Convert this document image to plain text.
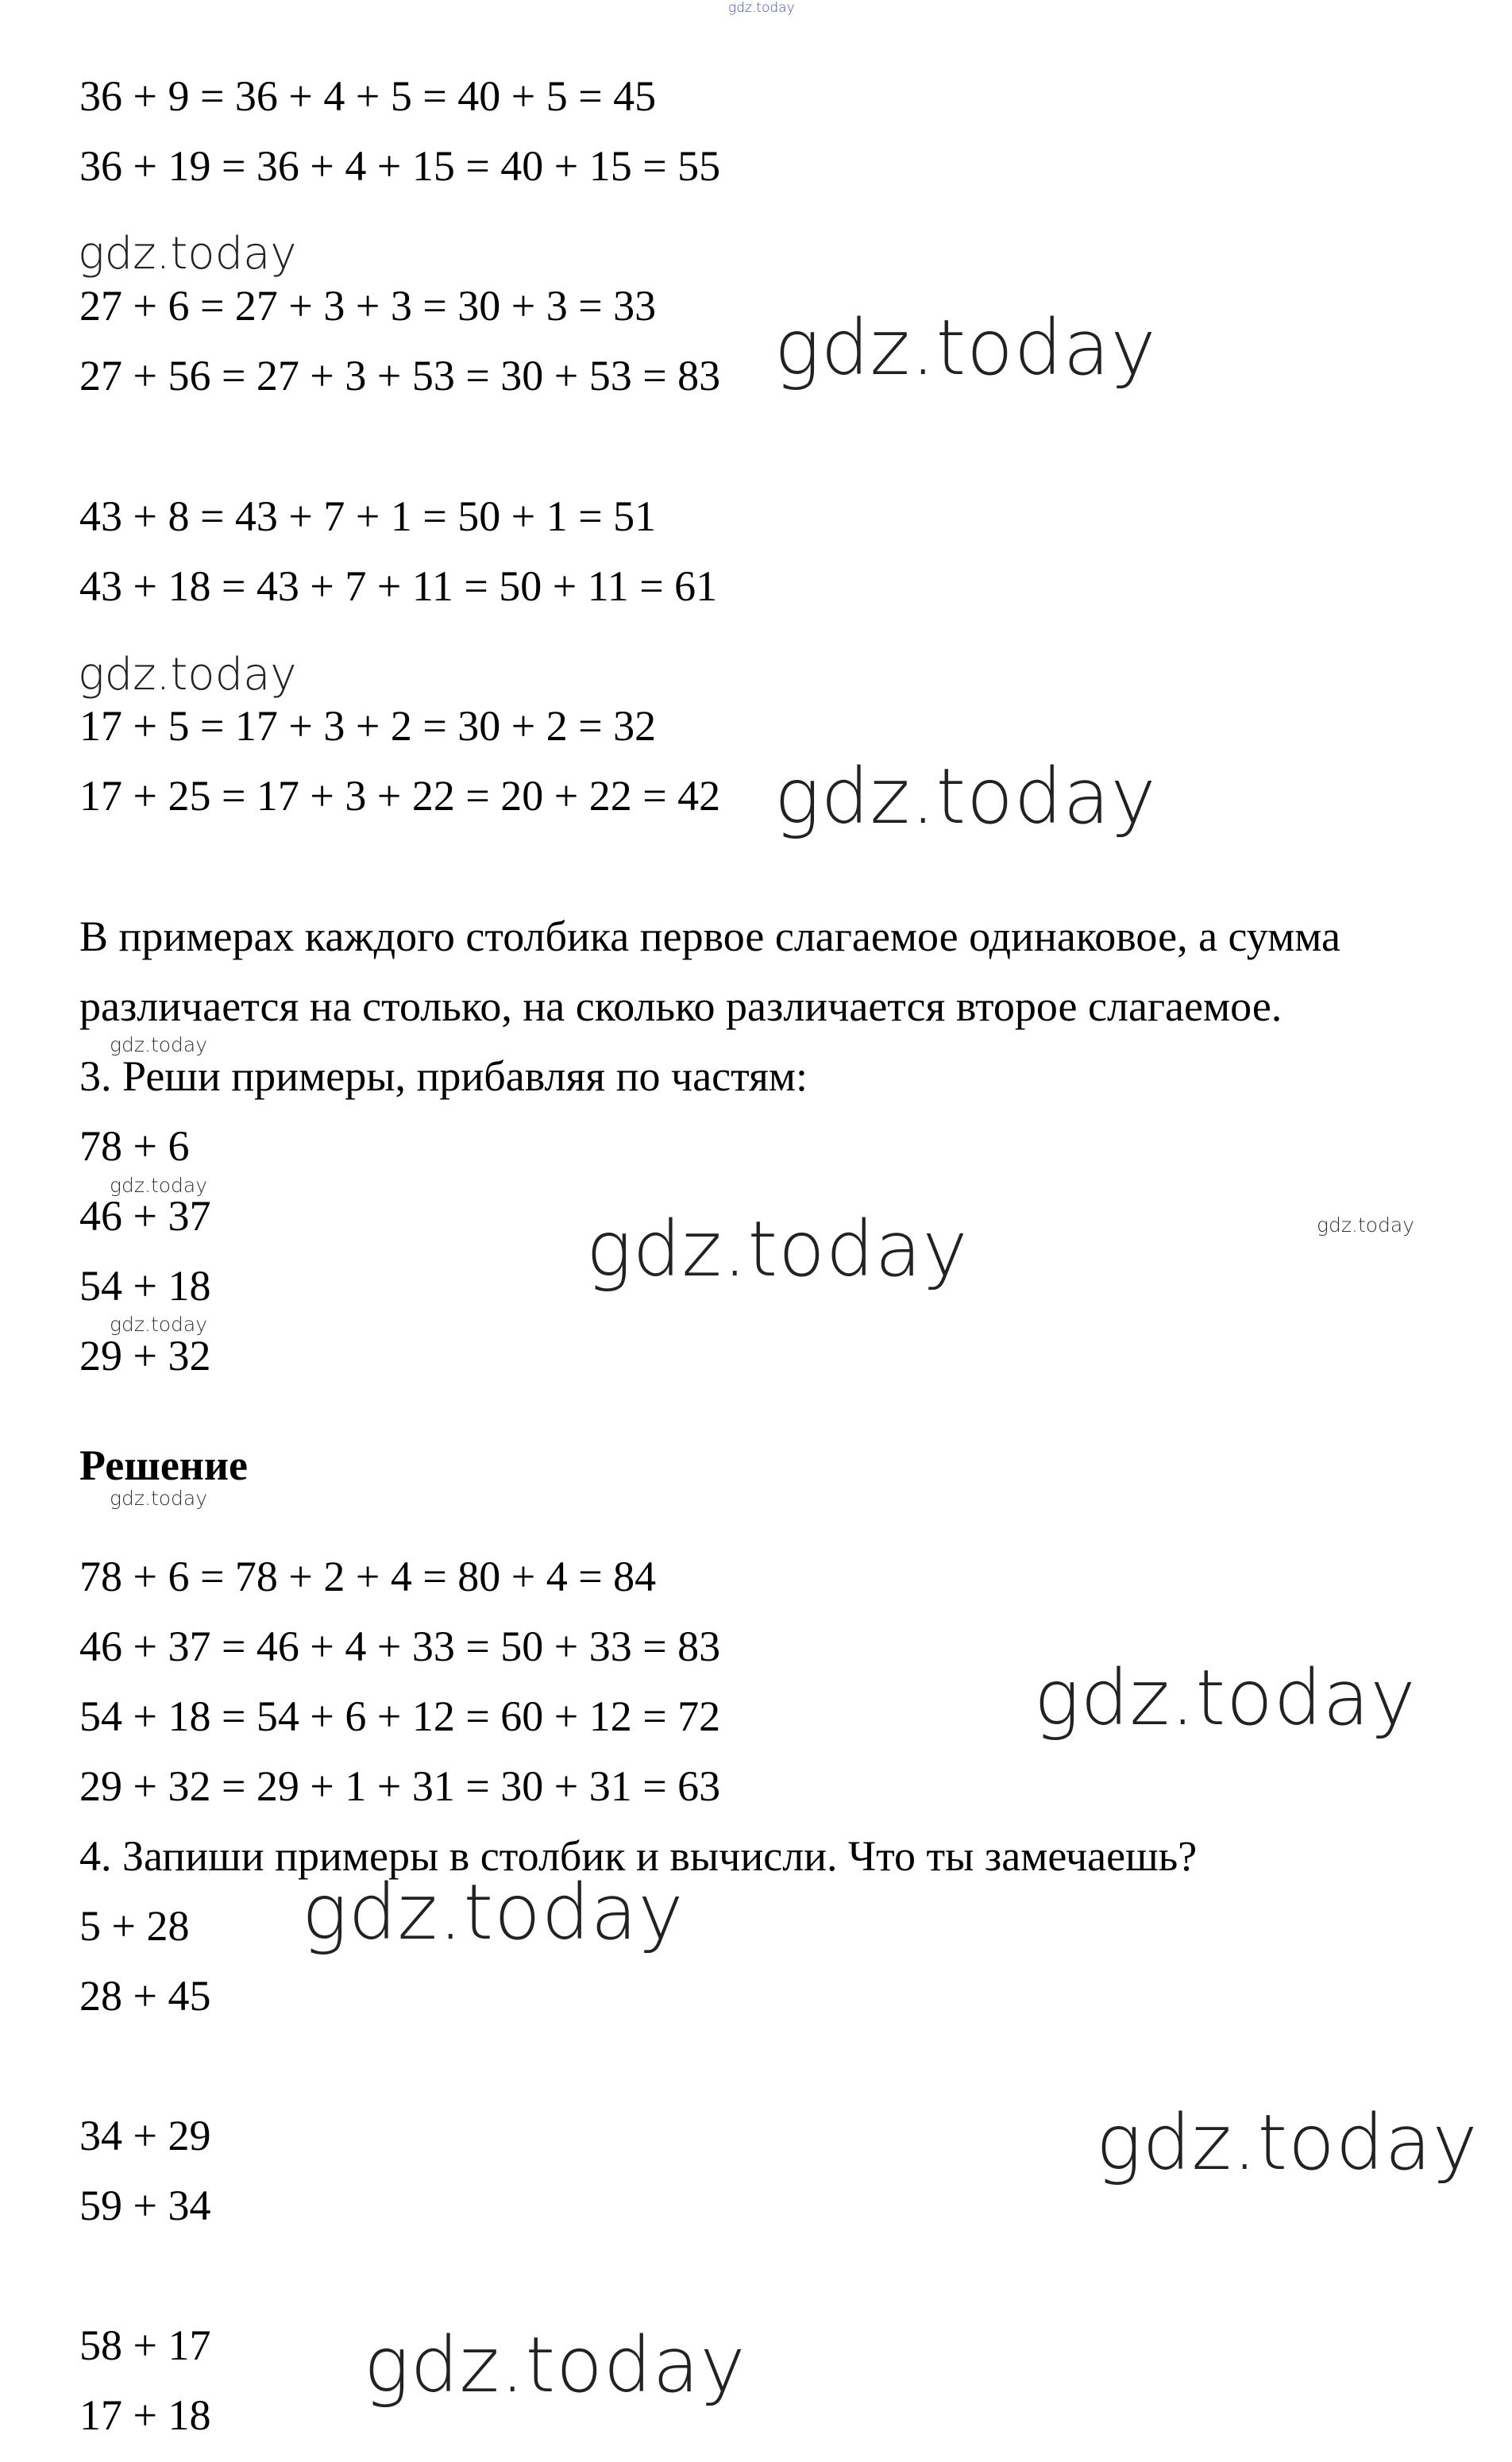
gdz.today
36 + 9 = 36 + 4 + 5 = 40 + 5 = 45
36 + 19 = 36 + 4 + 15 = 40 + 15 = 55
gdz.today
27 + 6 = 27 + 3 + 3 = 30 + 3 = 33
27 + 56 = 27 + 3 + 53 = 30 + 53 = 83 gdz.today
43 + 8 = 43 + 7 + 1 = 50 + 1 = 51
43 + 18 = 43 + 7 + 11 = 50 + 11 = 61
gdz.today
17 + 5 = 17 + 3 + 2 = 30 + 2 = 32
17 + 25 = 17 + 3 + 22 = 20 + 22 = 42 gdz.today
В примерах каждого столбика первое слагаемое одинаковое, а сумма
различается на столько, на сколько различается второе слагаемое.
gdz.today
3. Реши примеры, прибавляя по частям:
78 + 6
gdz.today
46 + 37
54 + 18
gdz.today
29 + 32
gdz.today	gdz.today
Решение
gdz.today
78 + 6 = 78 + 2 + 4 = 80 + 4 = 84
46 + 37 = 46 + 4 + 33 = 50 + 33 = 83
54 + 18 = 54 + 6 + 12 = 60 + 12 = 72
29 + 32 = 29 + 1 + 31 = 30 + 31 = 63
gdz.today
4. Запиши примеры в столбик и вычисли. Что ты замечаешь?
5 + 28 gdz.today
28 + 45
34 + 29
59 + 34
gdz.today
58 + 17
17 + 18
gdz.today
